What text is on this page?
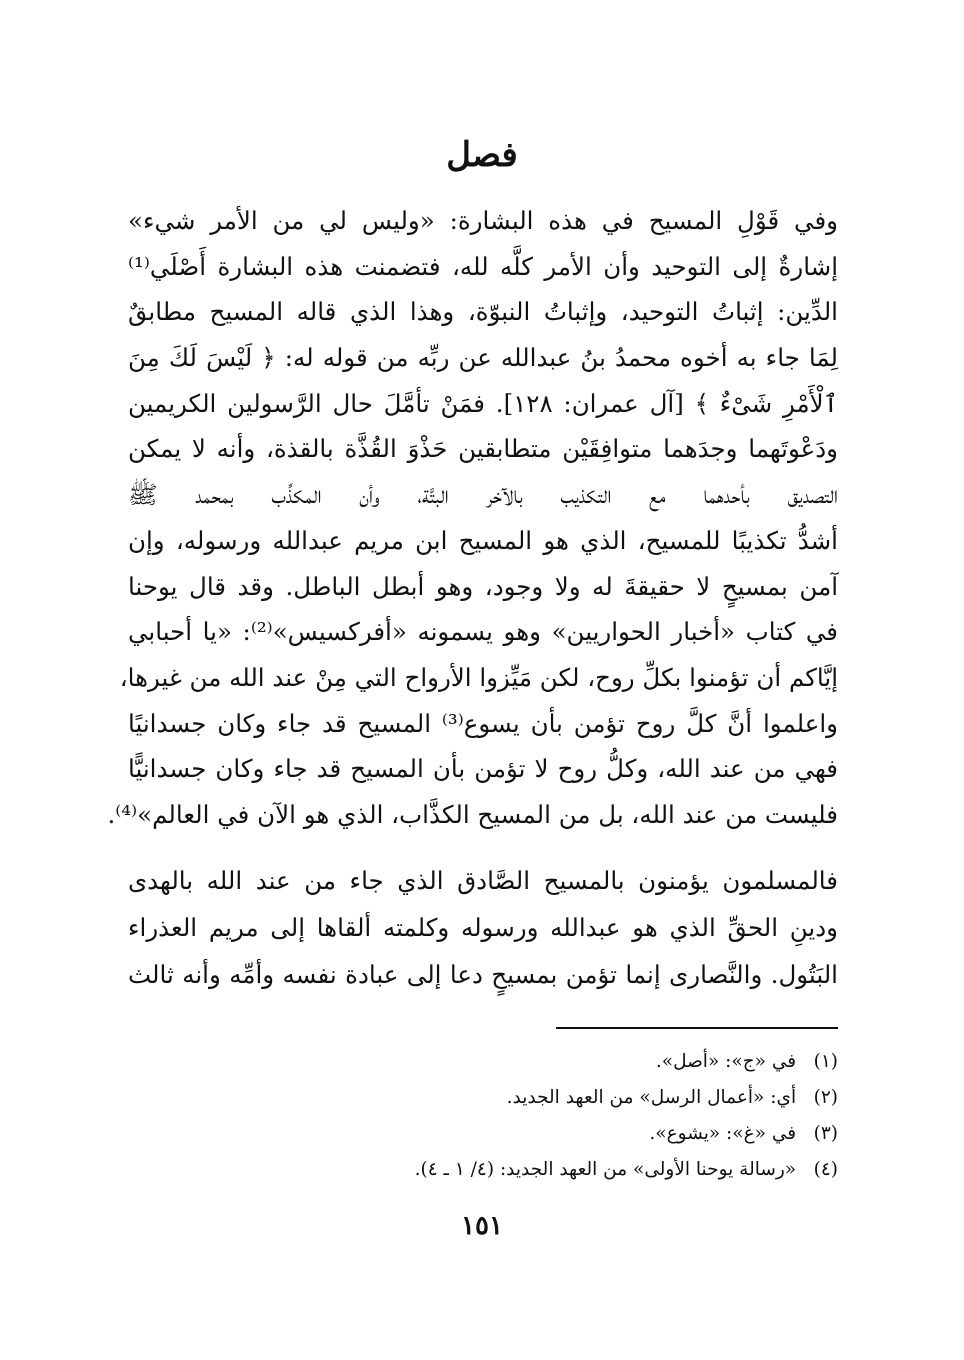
فصل
وفي قَوْلِ المسيح في هذه البشارة: «وليس لي من الأمر شيء»
إشارةٌ إلى التوحيد وأن الأمر كلَّه لله، فتضمنت هذه البشارة أَصْلَي⁽¹⁾
الدِّين: إثباتُ التوحيد، وإثباتُ النبوّة، وهذا الذي قاله المسيح مطابقٌ
لِمَا جاء به أخوه محمدُ بنُ عبدالله عن ربِّه من قوله له: ﴿ لَيْسَ لَكَ مِنَ
ٱلْأَمْرِ شَىْءٌ ﴾ [آل عمران: ١٢٨]. فمَنْ تأمَّلَ حال الرَّسولين الكريمين
ودَعْوتَهما وجدَهما متوافِقَيْن متطابقين حَذْوَ القُذَّة بالقذة، وأنه لا يمكن
التصديق بأحدهما مع التكذيب بالآخر البتَّة، وأن المكذِّب بمحمد ﷺ
أشدُّ تكذيبًا للمسيح، الذي هو المسيح ابن مريم عبدالله ورسوله، وإن
آمن بمسيحٍ لا حقيقةَ له ولا وجود، وهو أبطل الباطل. وقد قال يوحنا
في كتاب «أخبار الحواريين» وهو يسمونه «أفركسيس»⁽²⁾: «يا أحبابي
إيَّاكم أن تؤمنوا بكلِّ روح، لكن مَيِّزوا الأرواح التي مِنْ عند الله من غيرها،
واعلموا أنَّ كلَّ روح تؤمن بأن يسوع⁽³⁾ المسيح قد جاء وكان جسدانيًا
فهي من عند الله، وكلُّ روح لا تؤمن بأن المسيح قد جاء وكان جسدانيًّا
فليست من عند الله، بل من المسيح الكذَّاب، الذي هو الآن في العالم»⁽⁴⁾.
فالمسلمون يؤمنون بالمسيح الصَّادق الذي جاء من عند الله بالهدى
ودينِ الحقِّ الذي هو عبدالله ورسوله وكلمته ألقاها إلى مريم العذراء
البَتُول. والنَّصارى إنما تؤمن بمسيحٍ دعا إلى عبادة نفسه وأمِّه وأنه ثالث
(١) في «ج»: «أصل».
(٢) أي: «أعمال الرسل» من العهد الجديد.
(٣) في «غ»: «يشوع».
(٤) «رسالة يوحنا الأولى» من العهد الجديد: (٤/ ١ ـ ٤).
١٥١
